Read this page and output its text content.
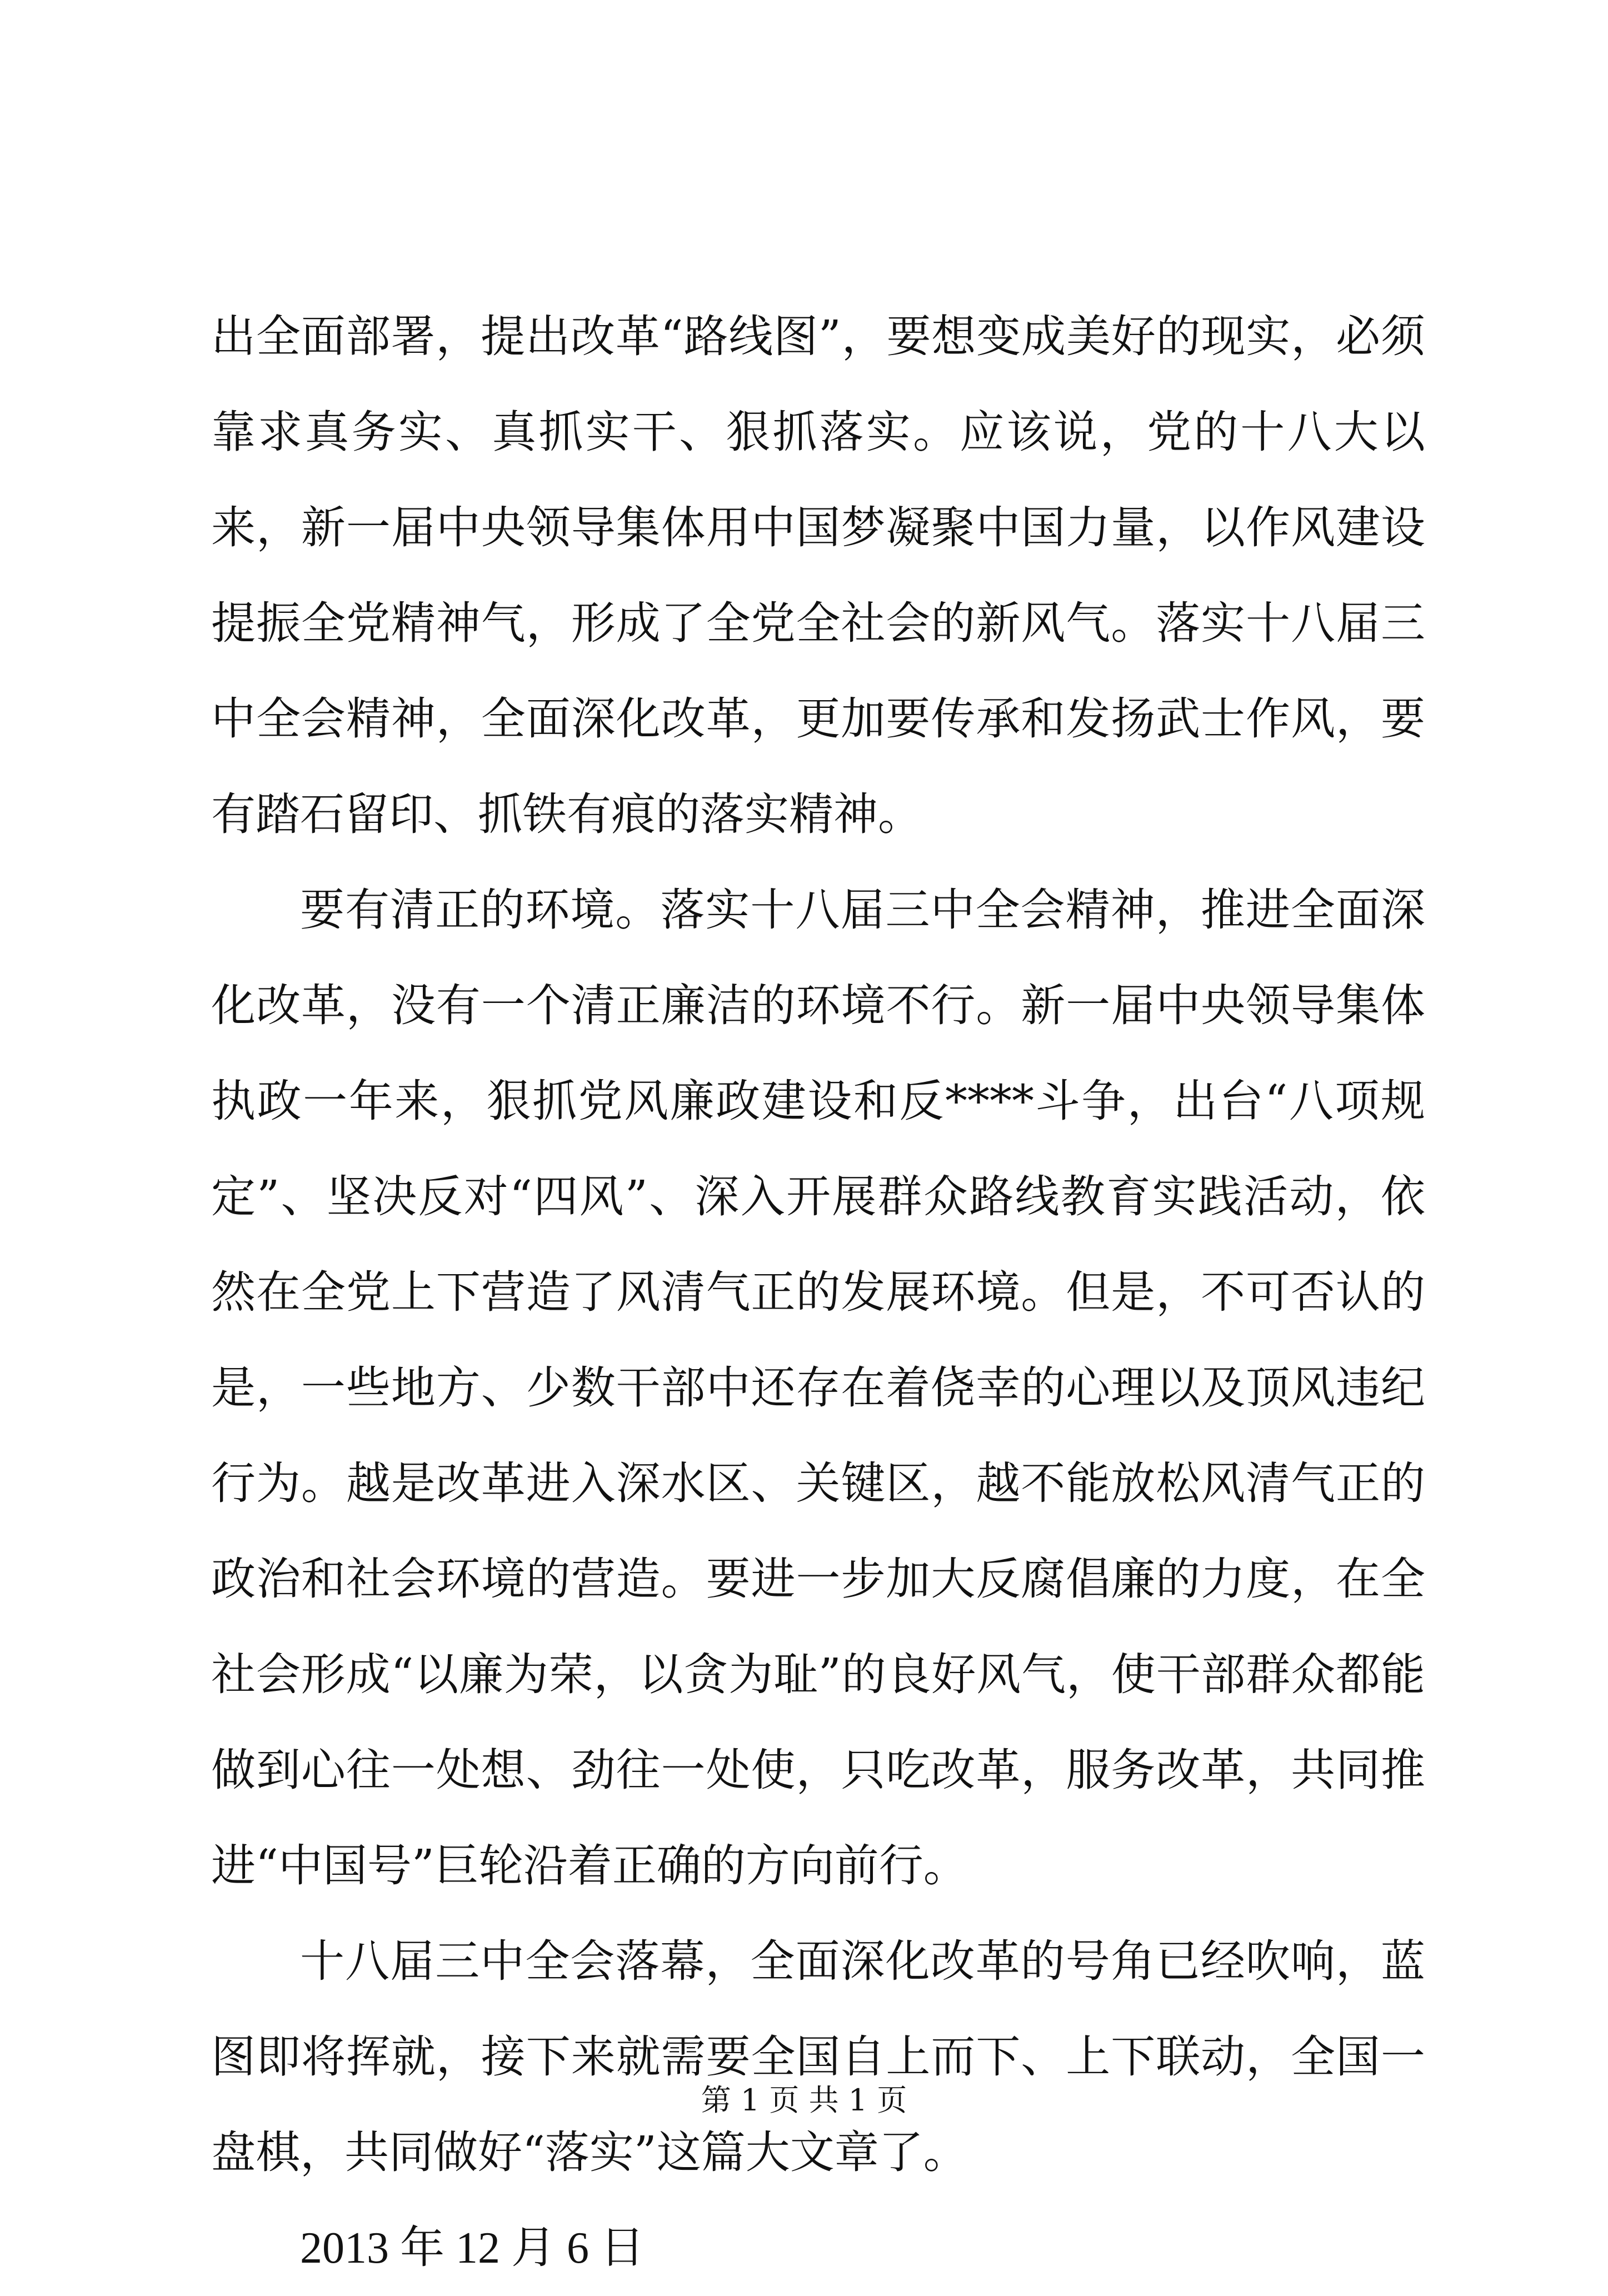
出全面部署，提出改革“路线图”，要想变成美好的现实，必须靠求真务实、真抓实干、狠抓落实。应该说，党的十八大以来，新一届中央领导集体用中国梦凝聚中国力量，以作风建设提振全党精神气，形成了全党全社会的新风气。落实十八届三中全会精神，全面深化改革，更加要传承和发扬武士作风，要有踏石留印、抓铁有痕的落实精神。

要有清正的环境。落实十八届三中全会精神，推进全面深化改革，没有一个清正廉洁的环境不行。新一届中央领导集体执政一年来，狠抓党风廉政建设和反****斗争，出台“八项规定”、坚决反对“四风”、深入开展群众路线教育实践活动，依然在全党上下营造了风清气正的发展环境。但是，不可否认的是，一些地方、少数干部中还存在着侥幸的心理以及顶风违纪行为。越是改革进入深水区、关键区，越不能放松风清气正的政治和社会环境的营造。要进一步加大反腐倡廉的力度，在全社会形成“以廉为荣，以贪为耻”的良好风气，使干部群众都能做到心往一处想、劲往一处使，只吃改革，服务改革，共同推进“中国号”巨轮沿着正确的方向前行。

十八届三中全会落幕，全面深化改革的号角已经吹响，蓝图即将挥就，接下来就需要全国自上而下、上下联动，全国一盘棋，共同做好“落实”这篇大文章了。

2013 年 12 月 6 日

第 1 页 共 1 页
